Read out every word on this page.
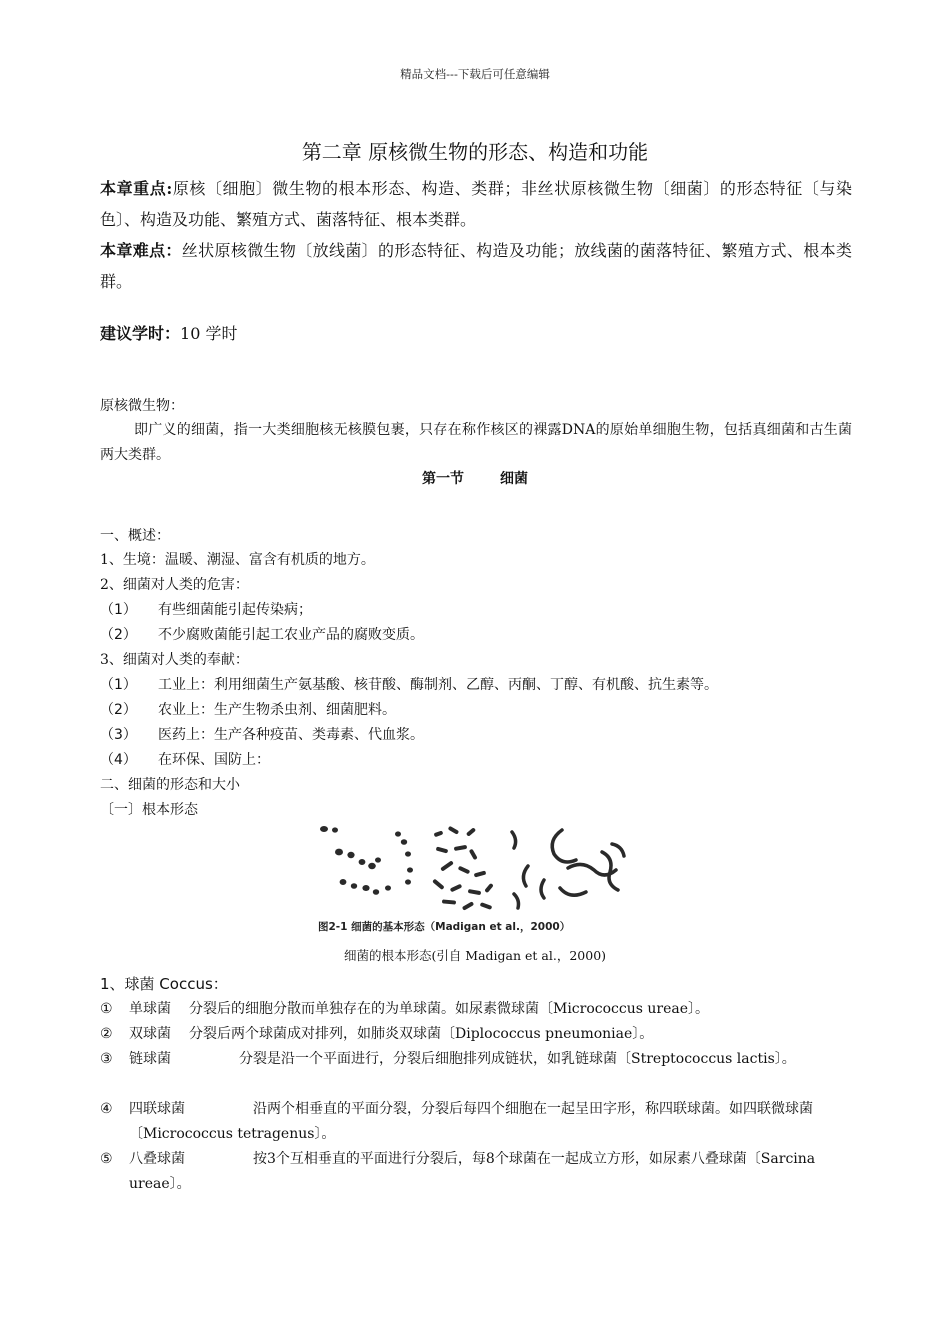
精品文档---下载后可任意编辑
第二章 原核微生物的形态、构造和功能
本章重点:原核〔细胞〕微生物的根本形态、构造、类群；非丝状原核微生物〔细菌〕的形态特征〔与染色〕、构造及功能、繁殖方式、菌落特征、根本类群。
本章难点：丝状原核微生物〔放线菌〕的形态特征、构造及功能；放线菌的菌落特征、繁殖方式、根本类群。
建议学时：10 学时
原核微生物：
即广义的细菌，指一大类细胞核无核膜包裹，只存在称作核区的裸露DNA的原始单细胞生物，包括真细菌和古生菌两大类群。
第一节	细菌
一、概述：
1、生境：温暖、潮湿、富含有机质的地方。
2、细菌对人类的危害：
（1） 有些细菌能引起传染病；
（2） 不少腐败菌能引起工农业产品的腐败变质。
3、细菌对人类的奉献：
（1） 工业上：利用细菌生产氨基酸、核苷酸、酶制剂、乙醇、丙酮、丁醇、有机酸、抗生素等。
（2） 农业上：生产生物杀虫剂、细菌肥料。
（3） 医药上：生产各种疫苗、类毒素、代血浆。
（4） 在环保、国防上：
二、细菌的形态和大小
〔一〕根本形态
图2-1 细菌的基本形态（Madigan et al.，2000）
细菌的根本形态(引自 Madigan et al.，2000)
1、球菌 Coccus：
①	单球菌 分裂后的细胞分散而单独存在的为单球菌。如尿素微球菌〔Micrococcus ureae〕。
②	双球菌 分裂后两个球菌成对排列，如肺炎双球菌〔Diplococcus pneumoniae〕。
③	链球菌	分裂是沿一个平面进行，分裂后细胞排列成链状，如乳链球菌〔Streptococcus lactis〕。
④	四联球菌	沿两个相垂直的平面分裂，分裂后每四个细胞在一起呈田字形，称四联球菌。如四联微球菌〔Micrococcus tetragenus〕。
⑤	八叠球菌	按3个互相垂直的平面进行分裂后，每8个球菌在一起成立方形，如尿素八叠球菌〔Sarcina ureae〕。
